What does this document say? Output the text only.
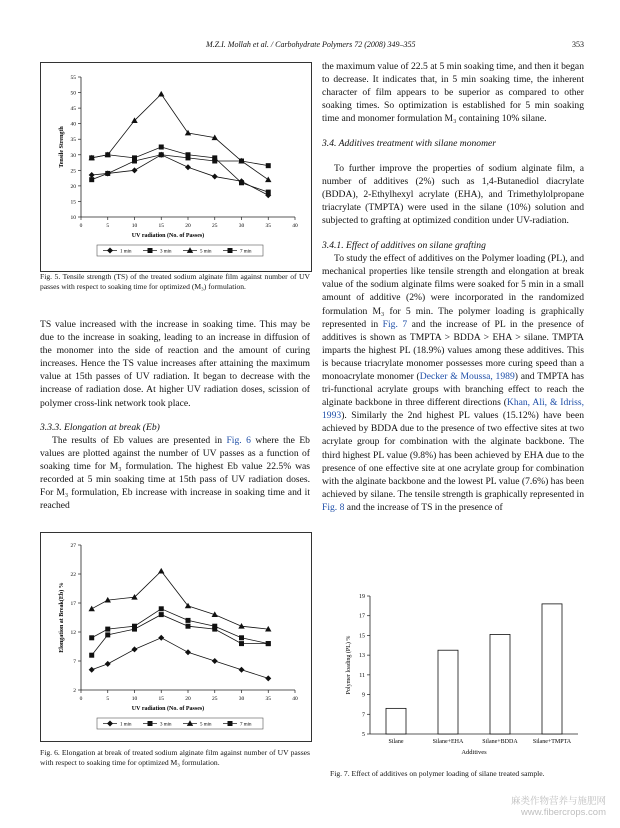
M.Z.I. Mollah et al. / Carbohydrate Polymers 72 (2008) 349–355	353
10
15
20
25
30
35
40
45
50
55
0	5	10	15	20	25	30	35	40
UV radiation (No. of Passes)
Tensile Strength
1 min	3 min	5 min	7 min
Fig. 5. Tensile strength (TS) of the treated sodium alginate film against number of UV passes with respect to soaking time for optimized (M₃) formulation.

TS value increased with the increase in soaking time. This may be due to the increase in soaking, leading to an increase in diffusion of the monomer into the side of reaction and the amount of curing increases. Hence the TS value increases after attaining the maximum value at 15th passes of UV radiation. It began to decrease with the increase of radiation dose. At higher UV radiation doses, scission of polymer cross-link network took place.

3.3.3. Elongation at break (Eb)

The results of Eb values are presented in Fig. 6 where the Eb values are plotted against the number of UV passes as a function of soaking time for M₃ formulation. The highest Eb value 22.5% was recorded at 5 min soaking time at 15th pass of UV radiation doses. For M₃ formulation, Eb increase with increase in soaking time and it reached

2
7
12
17
22
27
0	5	10	15	20	25	30	35	40
UV radiation (No. of Passes)
Elongation at Break(Eb) %
1 min	3 min	5 min	7 min
Fig. 6. Elongation at break of treated sodium alginate film against number of UV passes with respect to soaking time for optimized M₃ formulation.

the maximum value of 22.5 at 5 min soaking time, and then it began to decrease. It indicates that, in 5 min soaking time, the inherent character of film appears to be superior as compared to other soaking times. So optimization is established for 5 min soaking time and monomer formulation M₃ containing 10% silane.

3.4. Additives treatment with silane monomer

To further improve the properties of sodium alginate film, a number of additives (2%) such as 1,4-Butanediol diacrylate (BDDA), 2-Ethylhexyl acrylate (EHA), and Trimethylolpropane triacrylate (TMPTA) were used in the silane (10%) solution and subjected to grafting at optimized condition under UV-radiation.

3.4.1. Effect of additives on silane grafting

To study the effect of additives on the Polymer loading (PL), and mechanical properties like tensile strength and elongation at break value of the sodium alginate films were soaked for 5 min in a small amount of additive (2%) were incorporated in the randomized formulation M₃ for 5 min. The polymer loading is graphically represented in Fig. 7 and the increase of PL in the presence of additives is shown as TMPTA > BDDA > EHA > silane. TMPTA imparts the highest PL (18.9%) values among these additives. This is because triacrylate monomer possesses more curing speed than a monoacrylate monomer (Decker & Moussa, 1989) and TMPTA has tri-functional acrylate groups with branching effect to reach the alginate backbone in three different directions (Khan, Ali, & Idriss, 1993). Similarly the 2nd highest PL values (15.12%) have been achieved by BDDA due to the presence of two effective sites at two acrylate group for combination with the alginate backbone. The third highest PL value (9.8%) has been achieved by EHA due to the presence of one effective site at one acrylate group for combination with the alginate backbone and the lowest PL value (7.6%) has been achieved by silane. The tensile strength is graphically represented in Fig. 8 and the increase of TS in the presence of

5
7
9
11
13
15
17
19
Silane	Silane+EHA	Silane+BDDA	Silane+TMPTA
Additives
Polymer loading (PL) %
Fig. 7. Effect of additives on polymer loading of silane treated sample.
麻类作物营养与施肥网
www.fibercrops.com
